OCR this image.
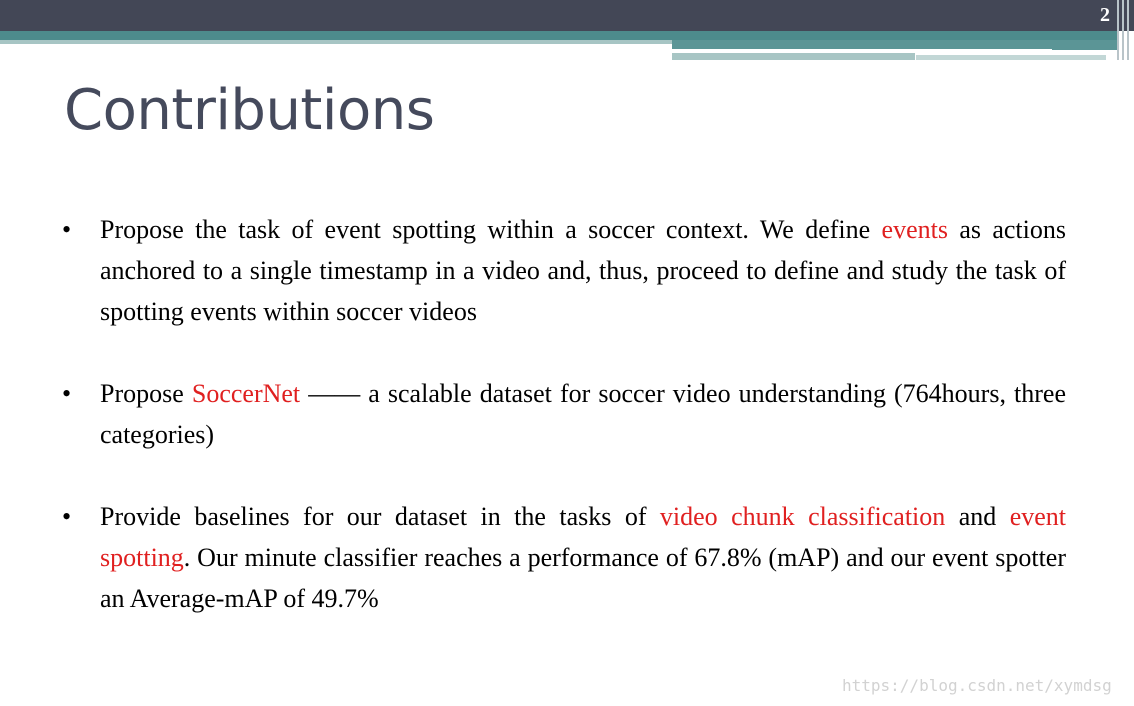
2
Contributions
• Propose the task of event spotting within a soccer context. We define events as actions anchored to a single timestamp in a video and, thus, proceed to define and study the task of spotting events within soccer videos
• Propose SoccerNet —— a scalable dataset for soccer video understanding (764hours, three categories)
• Provide baselines for our dataset in the tasks of video chunk classification and event spotting. Our minute classifier reaches a performance of 67.8% (mAP) and our event spotter an Average-mAP of 49.7%
https://blog.csdn.net/xymdsg
